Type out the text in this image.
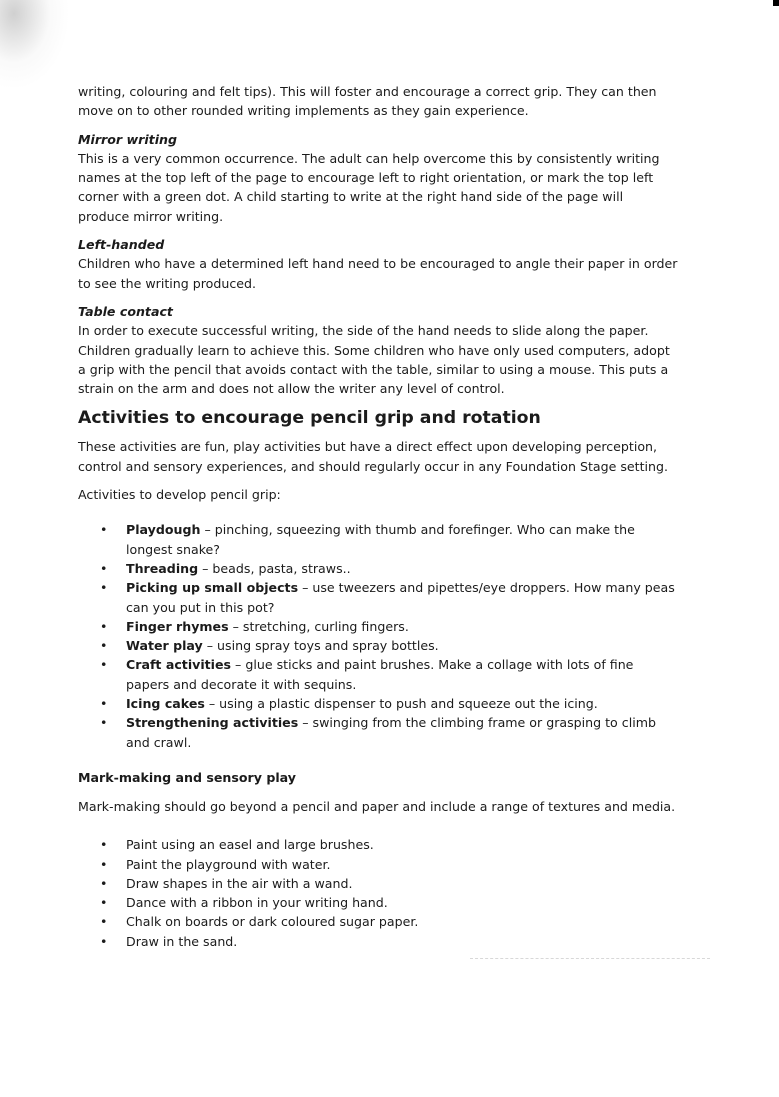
writing, colouring and felt tips). This will foster and encourage a correct grip. They can then move on to other rounded writing implements as they gain experience.

Mirror writing

This is a very common occurrence. The adult can help overcome this by consistently writing names at the top left of the page to encourage left to right orientation, or mark the top left corner with a green dot. A child starting to write at the right hand side of the page will produce mirror writing.

Left-handed

Children who have a determined left hand need to be encouraged to angle their paper in order to see the writing produced.

Table contact

In order to execute successful writing, the side of the hand needs to slide along the paper. Children gradually learn to achieve this. Some children who have only used computers, adopt a grip with the pencil that avoids contact with the table, similar to using a mouse. This puts a strain on the arm and does not allow the writer any level of control.

Activities to encourage pencil grip and rotation

These activities are fun, play activities but have a direct effect upon developing perception, control and sensory experiences, and should regularly occur in any Foundation Stage setting.

Activities to develop pencil grip:

• Playdough – pinching, squeezing with thumb and forefinger. Who can make the longest snake?
• Threading – beads, pasta, straws..
• Picking up small objects – use tweezers and pipettes/eye droppers. How many peas can you put in this pot?
• Finger rhymes – stretching, curling fingers.
• Water play – using spray toys and spray bottles.
• Craft activities – glue sticks and paint brushes. Make a collage with lots of fine papers and decorate it with sequins.
• Icing cakes – using a plastic dispenser to push and squeeze out the icing.
• Strengthening activities – swinging from the climbing frame or grasping to climb and crawl.
Mark-making and sensory play

Mark-making should go beyond a pencil and paper and include a range of textures and media.

• Paint using an easel and large brushes.
• Paint the playground with water.
• Draw shapes in the air with a wand.
• Dance with a ribbon in your writing hand.
• Chalk on boards or dark coloured sugar paper.
• Draw in the sand.
